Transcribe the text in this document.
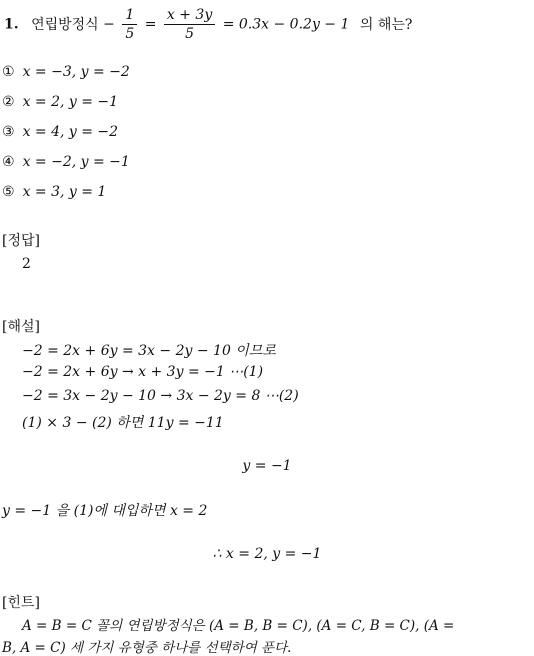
1. 연립방정식 − $\frac{1}{5} = \frac{x + 3y}{5} = 0.3x - 0.2y - 1$ 의 해는?
① x = −3, y = −2
② x = 2, y = −1
③ x = 4, y = −2
④ x = −2, y = −1
⑤ x = 3, y = 1
[정답]
2
[해설]
−2 = 2x + 6y = 3x − 2y − 10 이므로
−2 = 2x + 6y → x + 3y = −1 ⋯(1)
−2 = 3x − 2y − 10 → 3x − 2y = 8 ⋯(2)
(1) × 3 − (2) 하면 11y = −11
y = −1
y = −1 을 (1)에 대입하면 x = 2
∴ x = 2, y = −1
[힌트]
A = B = C 꼴의 연립방정식은 (A = B, B = C), (A = C, B = C), (A =
B, A = C) 세 가지 유형중 하나를 선택하여 푼다.
